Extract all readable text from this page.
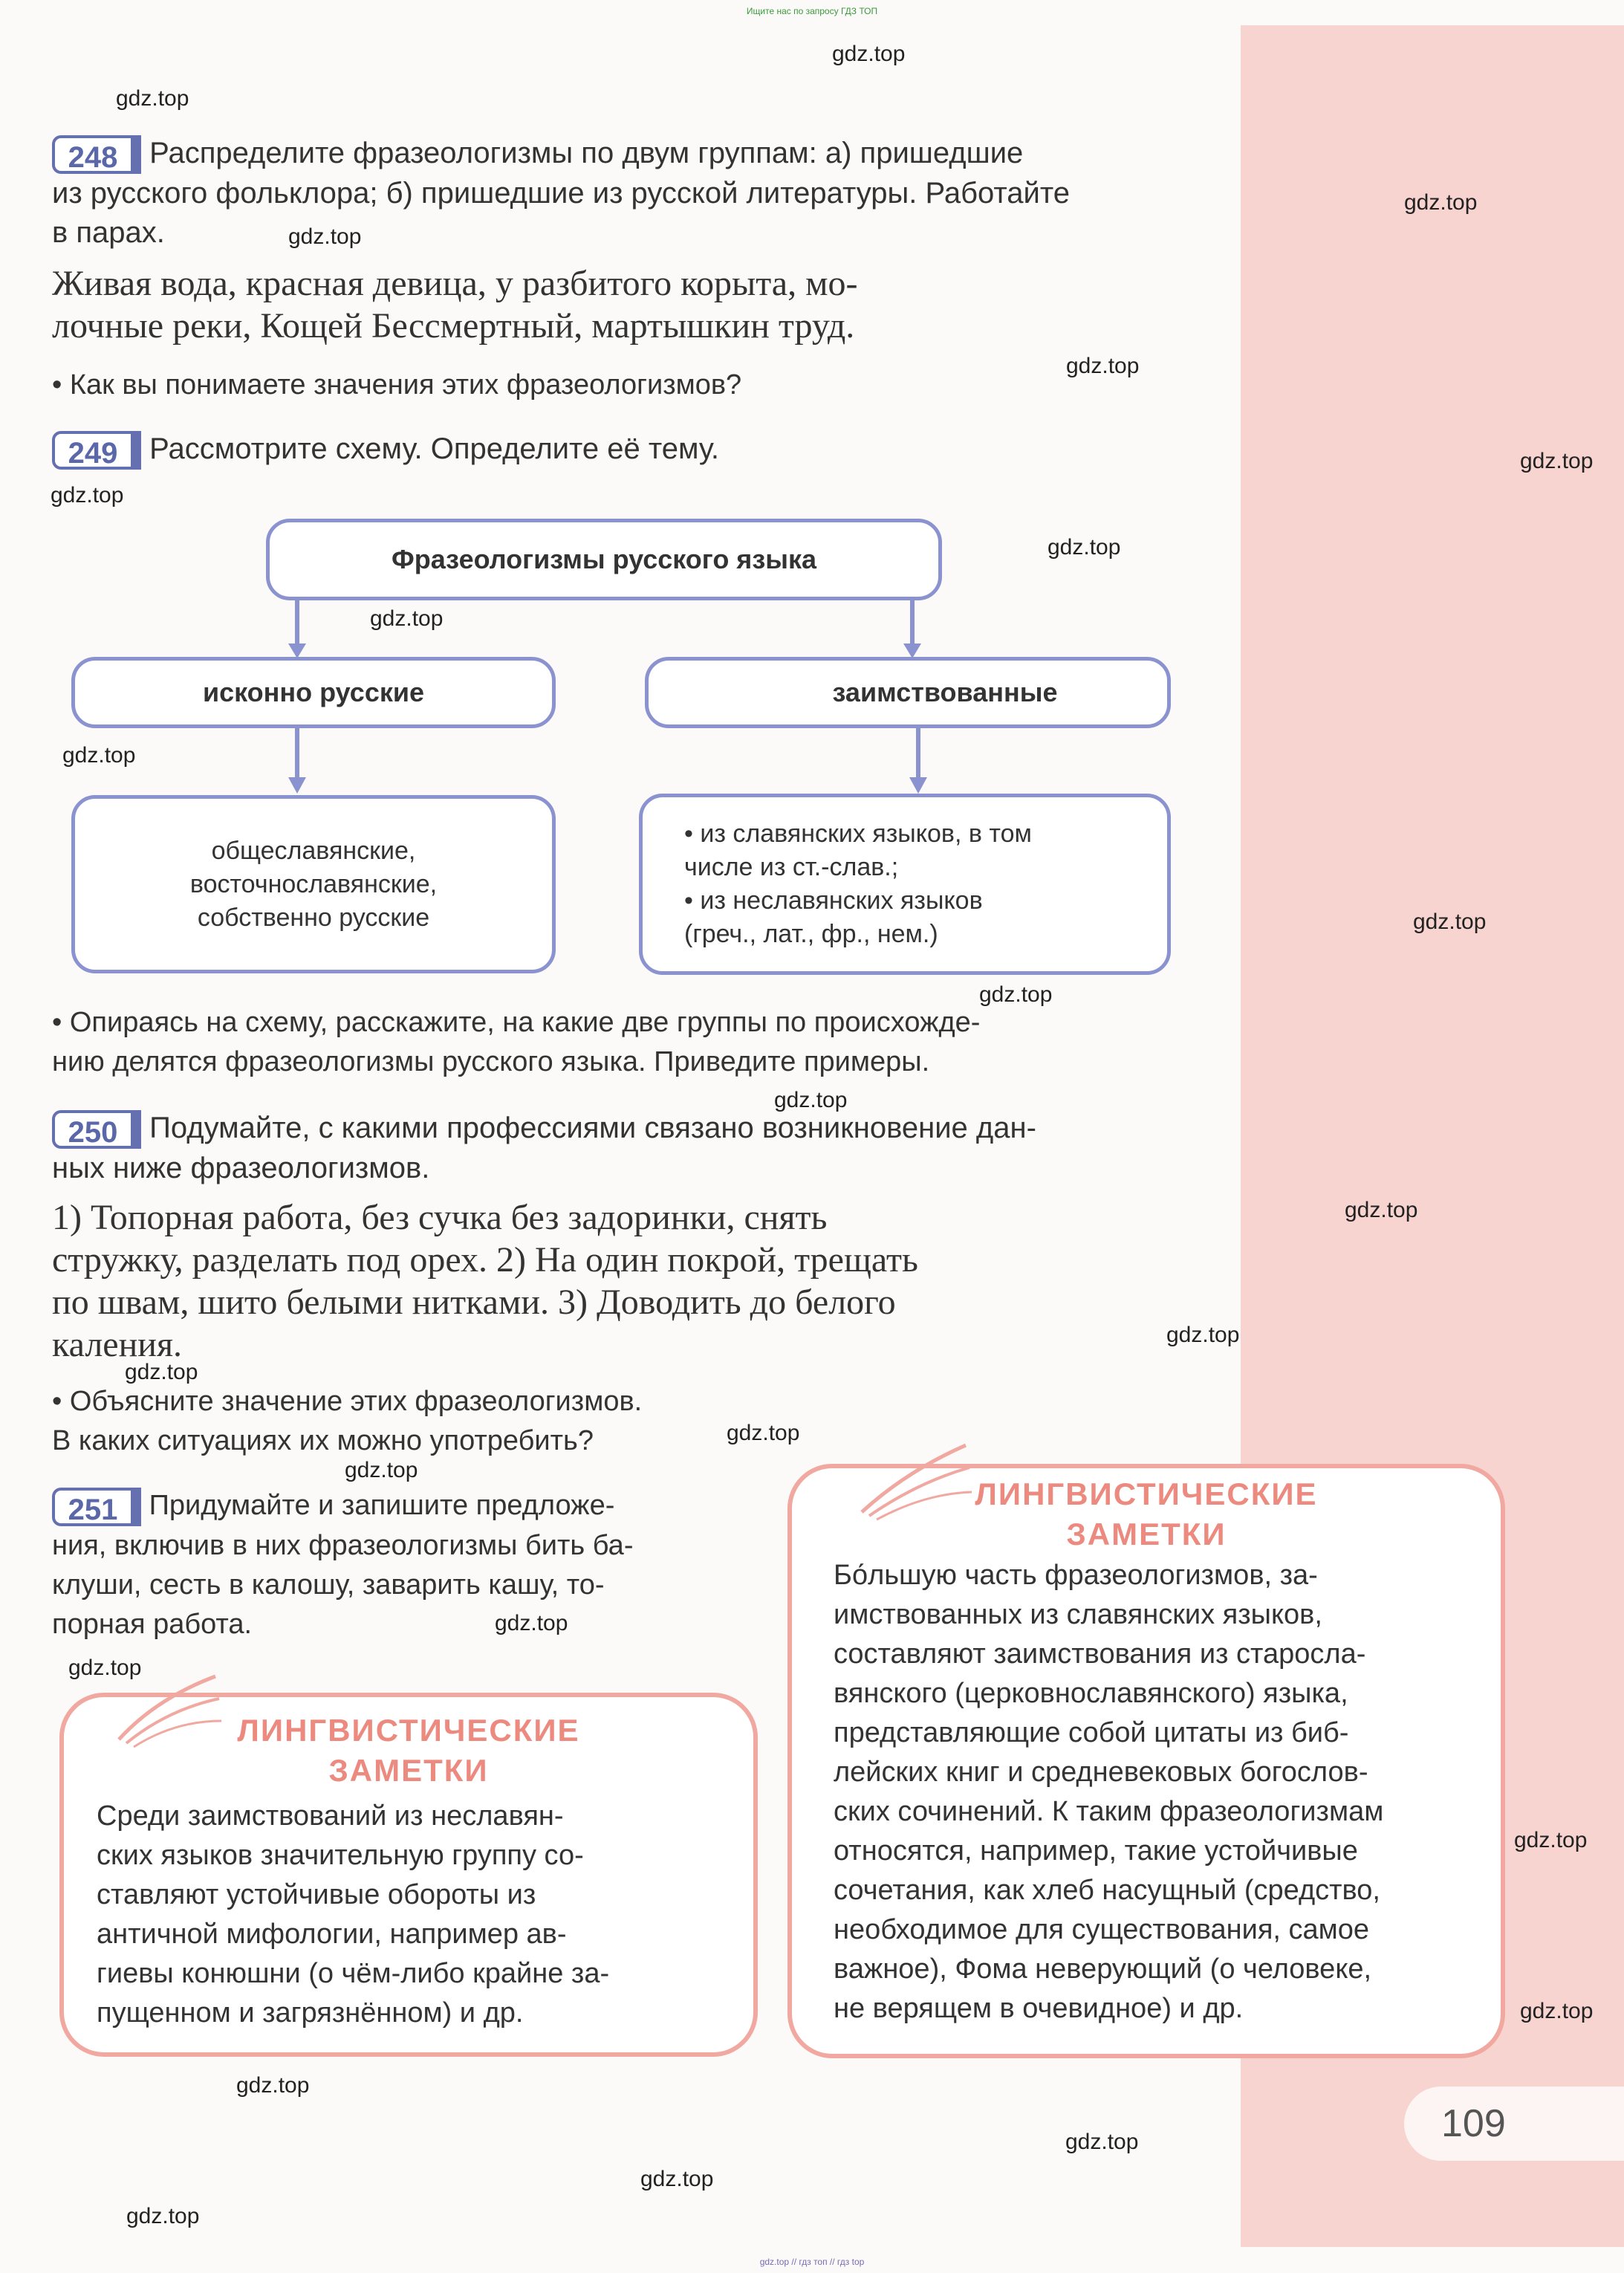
Ищите нас по запросу ГДЗ ТОП
gdz.top
gdz.top
gdz.top
gdz.top
gdz.top
gdz.top
gdz.top
gdz.top
gdz.top
gdz.top
gdz.top
gdz.top
gdz.top
gdz.top
gdz.top
gdz.top
gdz.top
gdz.top
gdz.top
gdz.top
gdz.top
gdz.top
gdz.top
gdz.top
gdz.top
gdz.top
248 Распределите фразеологизмы по двум группам: а) пришедшие
из русского фольклора; б) пришедшие из русской литературы. Работайте
в парах.
Живая вода, красная девица, у разбитого корыта, мо-
лочные реки, Кощей Бессмертный, мартышкин труд.
• Как вы понимаете значения этих фразеологизмов?
249 Рассмотрите схему. Определите её тему.
Фразеологизмы русского языка
исконно русские	заимствованные
общеславянские,
восточнославянские,
собственно русские
• из славянских языков, в том
числе из ст.-слав.;
• из неславянских языков
(греч., лат., фр., нем.)
• Опираясь на схему, расскажите, на какие две группы по происхожде-
нию делятся фразеологизмы русского языка. Приведите примеры.
250 Подумайте, с какими профессиями связано возникновение дан-
ных ниже фразеологизмов.
1) Топорная работа, без сучка без задоринки, снять
стружку, разделать под орех. 2) На один покрой, трещать
по швам, шито белыми нитками. 3) Доводить до белого
каления.
• Объясните значение этих фразеологизмов.
В каких ситуациях их можно употребить?
251 Придумайте и запишите предложе-
ния, включив в них фразеологизмы бить ба-
клуши, сесть в калошу, заварить кашу, то-
порная работа.
ЛИНГВИСТИЧЕСКИЕ
ЗАМЕТКИ
Среди заимствований из неславян-
ских языков значительную группу со-
ставляют устойчивые обороты из
античной мифологии, например ав-
гиевы конюшни (о чём-либо крайне за-
пущенном и загрязнённом) и др.
ЛИНГВИСТИЧЕСКИЕ
ЗАМЕТКИ
Бо́льшую часть фразеологизмов, за-
имствованных из славянских языков,
составляют заимствования из старосла-
вянского (церковнославянского) языка,
представляющие собой цитаты из биб-
лейских книг и средневековых богослов-
ских сочинений. К таким фразеологизмам
относятся, например, такие устойчивые
сочетания, как хлеб насущный (средство,
необходимое для существования, самое
важное), Фома неверующий (о человеке,
не верящем в очевидное) и др.
109
gdz.top // гдз топ // гдз top
